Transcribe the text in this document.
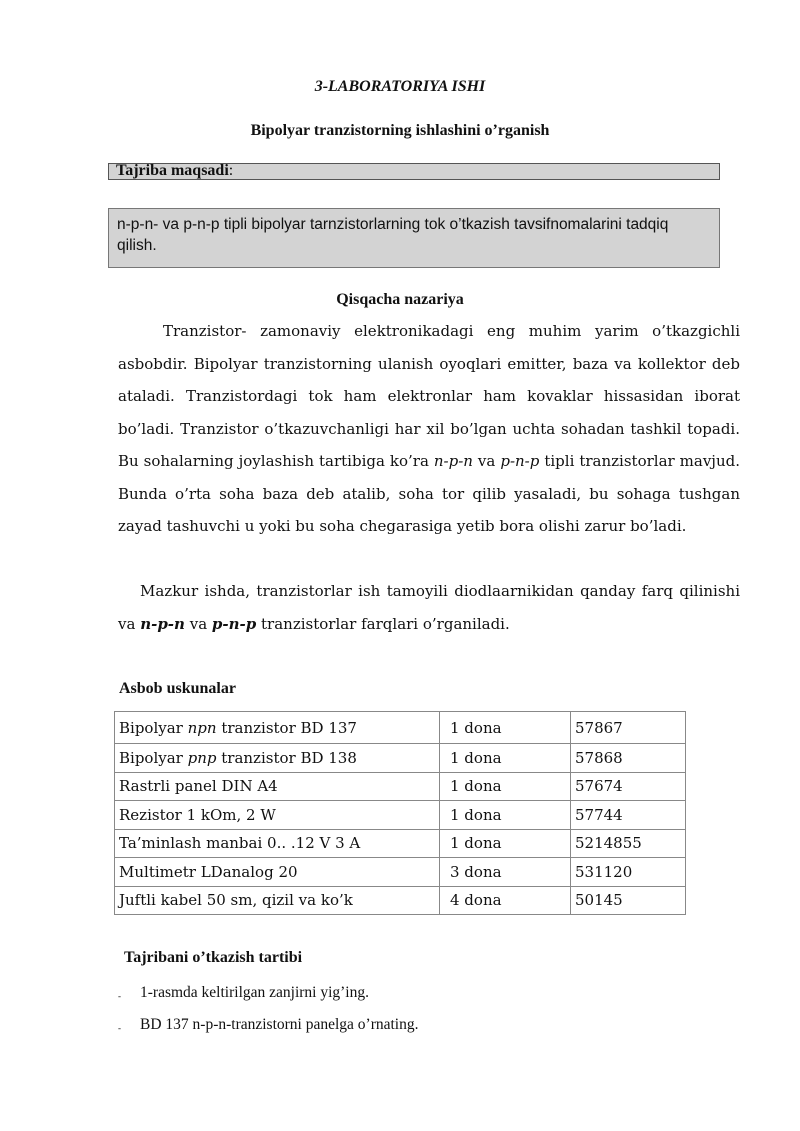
3-LABORATORIYA ISHI
Bipolyar tranzistorning ishlashini o’rganish
Tajriba maqsadi:
n-p-n- va p-n-p tipli bipolyar tarnzistorlarning tok o’tkazish tavsifnomalarini tadqiq qilish.
Qisqacha nazariya
Tranzistor- zamonaviy elektronikadagi eng muhim yarim o’tkazgichli asbobdir. Bipolyar tranzistorning ulanish oyoqlari emitter, baza va kollektor deb ataladi. Tranzistordagi tok ham elektronlar ham kovaklar hissasidan iborat bo’ladi. Tranzistor o’tkazuvchanligi har xil bo’lgan uchta sohadan tashkil topadi. Bu sohalarning joylashish tartibiga ko’ra n-p-n va p-n-p tipli tranzistorlar mavjud. Bunda o’rta soha baza deb atalib, soha tor qilib yasaladi, bu sohaga tushgan zayad tashuvchi u yoki bu soha chegarasiga yetib bora olishi zarur bo’ladi.
Mazkur ishda, tranzistorlar ish tamoyili diodlaarnikidan qanday farq qilinishi va n-p-n va p-n-p tranzistorlar farqlari o’rganiladi.
Asbob uskunalar
Bipolyar npn tranzistor BD 137	1 dona	57867
Bipolyar pnp tranzistor BD 138	1 dona	57868
Rastrli panel DIN A4	1 dona	57674
Rezistor 1 kOm, 2 W	1 dona	57744
Ta’minlash manbai 0.. .12 V 3 A	1 dona	5214855
Multimetr LDanalog 20	3 dona	531120
Juftli kabel 50 sm, qizil va ko’k	4 dona	50145
Tajribani o’tkazish tartibi
- 1-rasmda keltirilgan zanjirni yig’ing.
- BD 137 n-p-n-tranzistorni panelga o’rnating.
